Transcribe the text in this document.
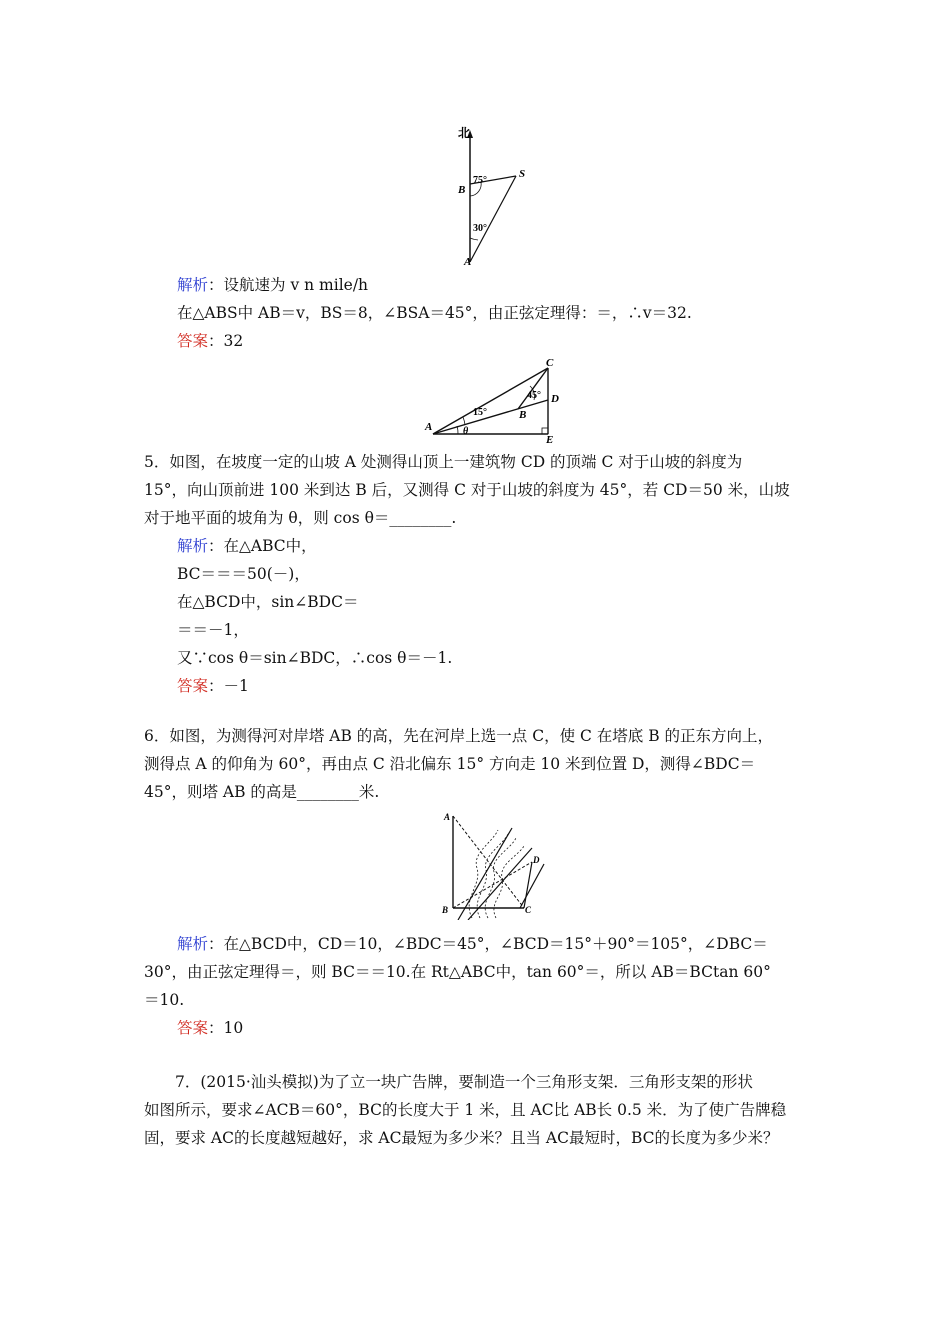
北
75°
B
S
30°
A
解析：设航速为 v n mile/h
在△ABS中 AB＝v，BS＝8，∠BSA＝45°，由正弦定理得：＝，∴v＝32.
答案：32
C
45° D
15°	B
A	θ
E
5．如图，在坡度一定的山坡 A 处测得山顶上一建筑物 CD 的顶端 C 对于山坡的斜度为
15°，向山顶前进 100 米到达 B 后，又测得 C 对于山坡的斜度为 45°，若 CD＝50 米，山坡
对于地平面的坡角为 θ，则 cos θ＝________.
解析：在△ABC中，
BC＝＝＝50(－)，
在△BCD中，sin∠BDC＝
＝＝－1，
又∵cos θ＝sin∠BDC，∴cos θ＝－1.
答案：－1
6．如图，为测得河对岸塔 AB 的高，先在河岸上选一点 C，使 C 在塔底 B 的正东方向上，
测得点 A 的仰角为 60°，再由点 C 沿北偏东 15° 方向走 10 米到位置 D，测得∠BDC＝
45°，则塔 AB 的高是________米.
A
D
B	C
解析：在△BCD中，CD＝10，∠BDC＝45°，∠BCD＝15°＋90°＝105°，∠DBC＝
30°，由正弦定理得＝，则 BC＝＝10.在 Rt△ABC中，tan 60°＝，所以 AB＝BCtan 60°
＝10.
答案：10
7．(2015·汕头模拟)为了立一块广告牌，要制造一个三角形支架．三角形支架的形状
如图所示，要求∠ACB＝60°，BC的长度大于 1 米，且 AC比 AB长 0.5 米．为了使广告牌稳
固，要求 AC的长度越短越好，求 AC最短为多少米？且当 AC最短时，BC的长度为多少米？
